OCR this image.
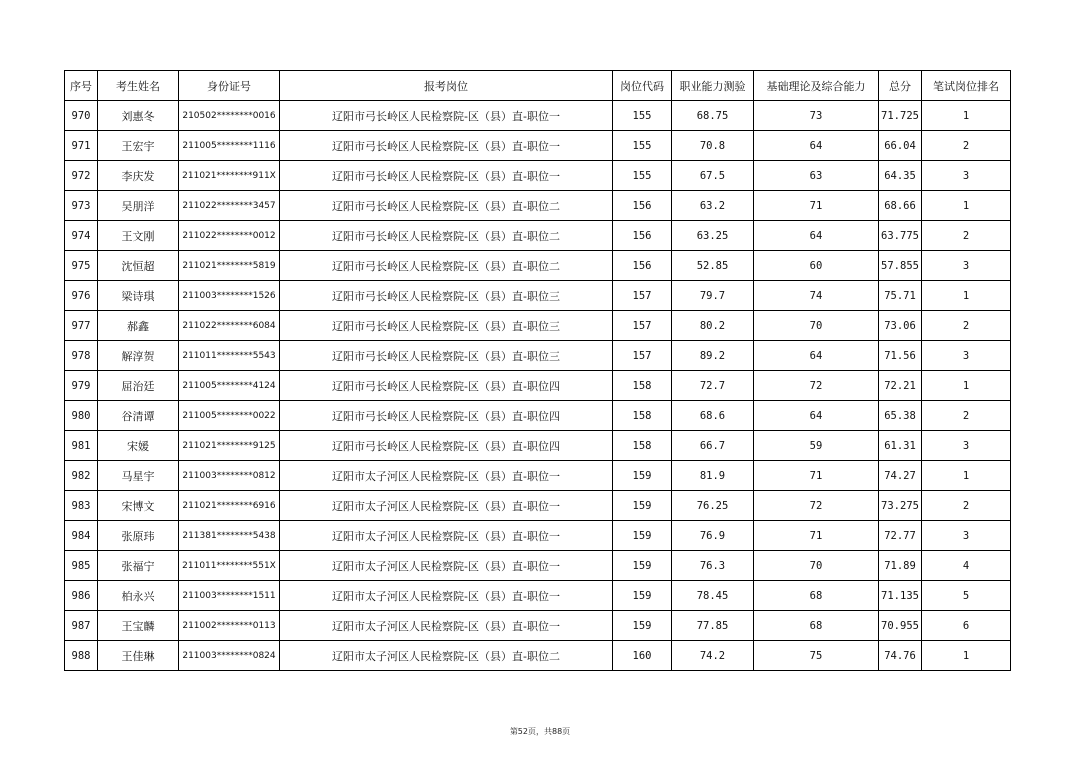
序号	考生姓名	身份证号	报考岗位	岗位代码	职业能力测验	基础理论及综合能力	总分	笔试岗位排名
970	刘惠冬	210502********0016	辽阳市弓长岭区人民检察院-区（县）直-职位一	155	68.75	73	71.725	1
971	王宏宇	211005********1116	辽阳市弓长岭区人民检察院-区（县）直-职位一	155	70.8	64	66.04	2
972	李庆发	211021********911X	辽阳市弓长岭区人民检察院-区（县）直-职位一	155	67.5	63	64.35	3
973	吴朋洋	211022********3457	辽阳市弓长岭区人民检察院-区（县）直-职位二	156	63.2	71	68.66	1
974	王文刚	211022********0012	辽阳市弓长岭区人民检察院-区（县）直-职位二	156	63.25	64	63.775	2
975	沈恒超	211021********5819	辽阳市弓长岭区人民检察院-区（县）直-职位二	156	52.85	60	57.855	3
976	梁诗琪	211003********1526	辽阳市弓长岭区人民检察院-区（县）直-职位三	157	79.7	74	75.71	1
977	郝鑫	211022********6084	辽阳市弓长岭区人民检察院-区（县）直-职位三	157	80.2	70	73.06	2
978	解淳贺	211011********5543	辽阳市弓长岭区人民检察院-区（县）直-职位三	157	89.2	64	71.56	3
979	屈治廷	211005********4124	辽阳市弓长岭区人民检察院-区（县）直-职位四	158	72.7	72	72.21	1
980	谷清谭	211005********0022	辽阳市弓长岭区人民检察院-区（县）直-职位四	158	68.6	64	65.38	2
981	宋媛	211021********9125	辽阳市弓长岭区人民检察院-区（县）直-职位四	158	66.7	59	61.31	3
982	马星宇	211003********0812	辽阳市太子河区人民检察院-区（县）直-职位一	159	81.9	71	74.27	1
983	宋博文	211021********6916	辽阳市太子河区人民检察院-区（县）直-职位一	159	76.25	72	73.275	2
984	张原玮	211381********5438	辽阳市太子河区人民检察院-区（县）直-职位一	159	76.9	71	72.77	3
985	张福宁	211011********551X	辽阳市太子河区人民检察院-区（县）直-职位一	159	76.3	70	71.89	4
986	柏永兴	211003********1511	辽阳市太子河区人民检察院-区（县）直-职位一	159	78.45	68	71.135	5
987	王宝麟	211002********0113	辽阳市太子河区人民检察院-区（县）直-职位一	159	77.85	68	70.955	6
988	王佳琳	211003********0824	辽阳市太子河区人民检察院-区（县）直-职位二	160	74.2	75	74.76	1
第52页，共88页
